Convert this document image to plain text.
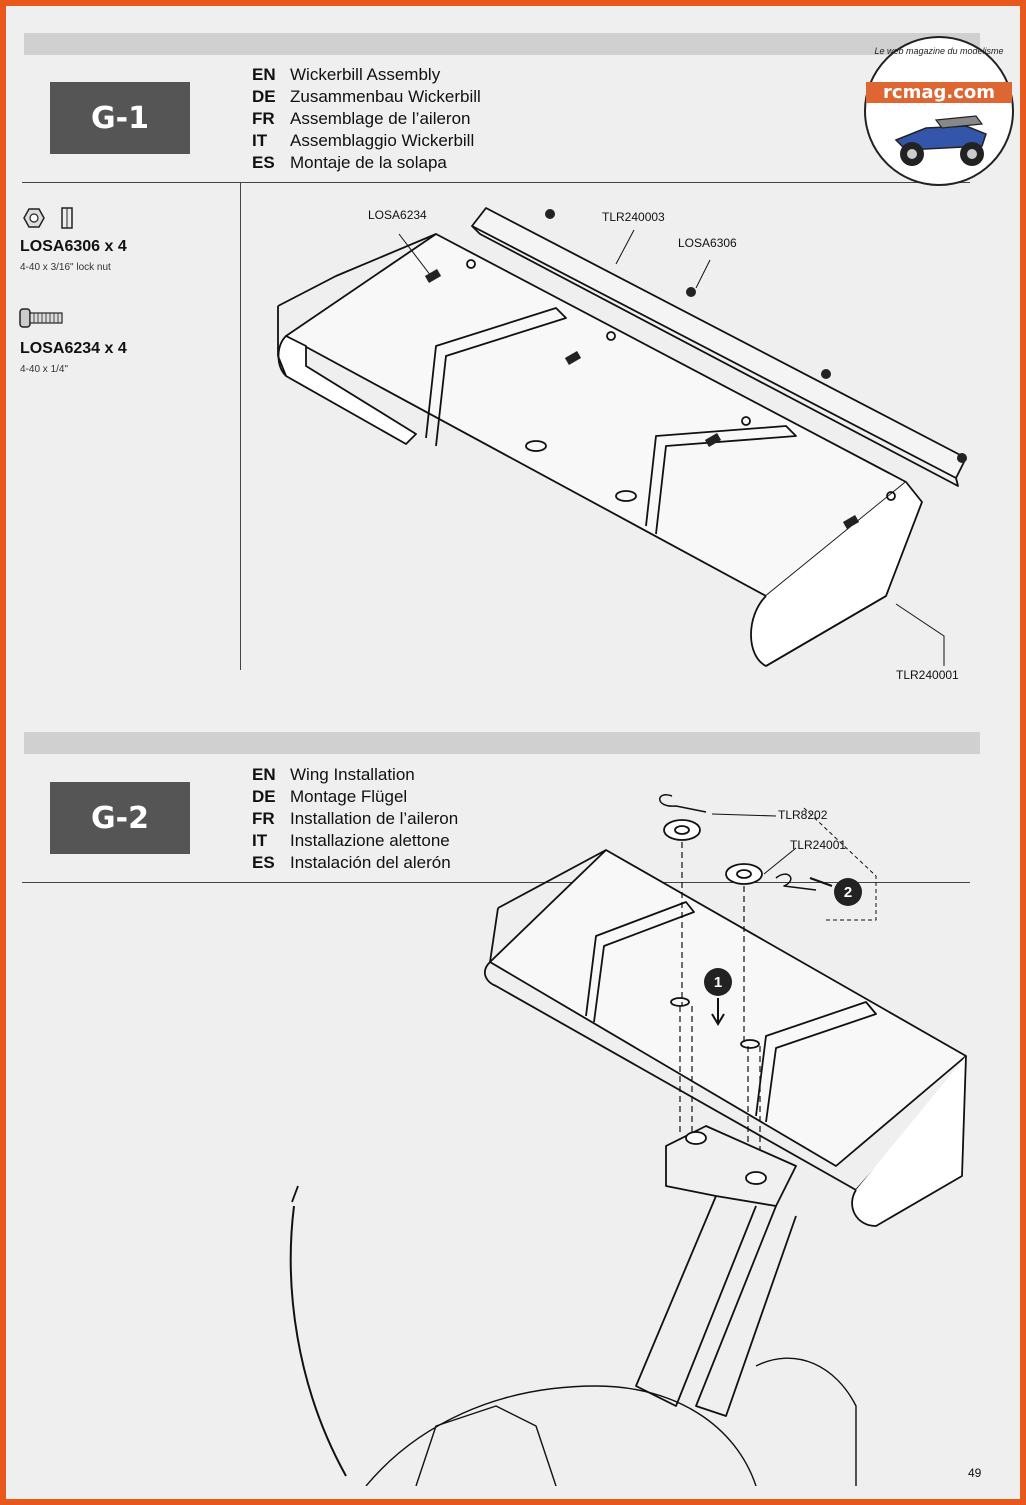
G-1
EN Wickerbill Assembly
DE Zusammenbau Wickerbill
FR Assemblage de l’aileron
IT Assemblaggio Wickerbill
ES Montaje de la solapa
LOSA6306 x 4
4-40 x 3/16" lock nut
LOSA6234 x 4
4-40 x 1/4"
LOSA6234	TLR240003
LOSA6306
TLR240001
G-2
EN Wing Installation
DE Montage Flügel
FR Installation de l’aileron
IT Installazione alettone
ES Instalación del alerón
1
2
TLR8202
TLR24001
Le web magazine du modelisme
rcmag.com
49
